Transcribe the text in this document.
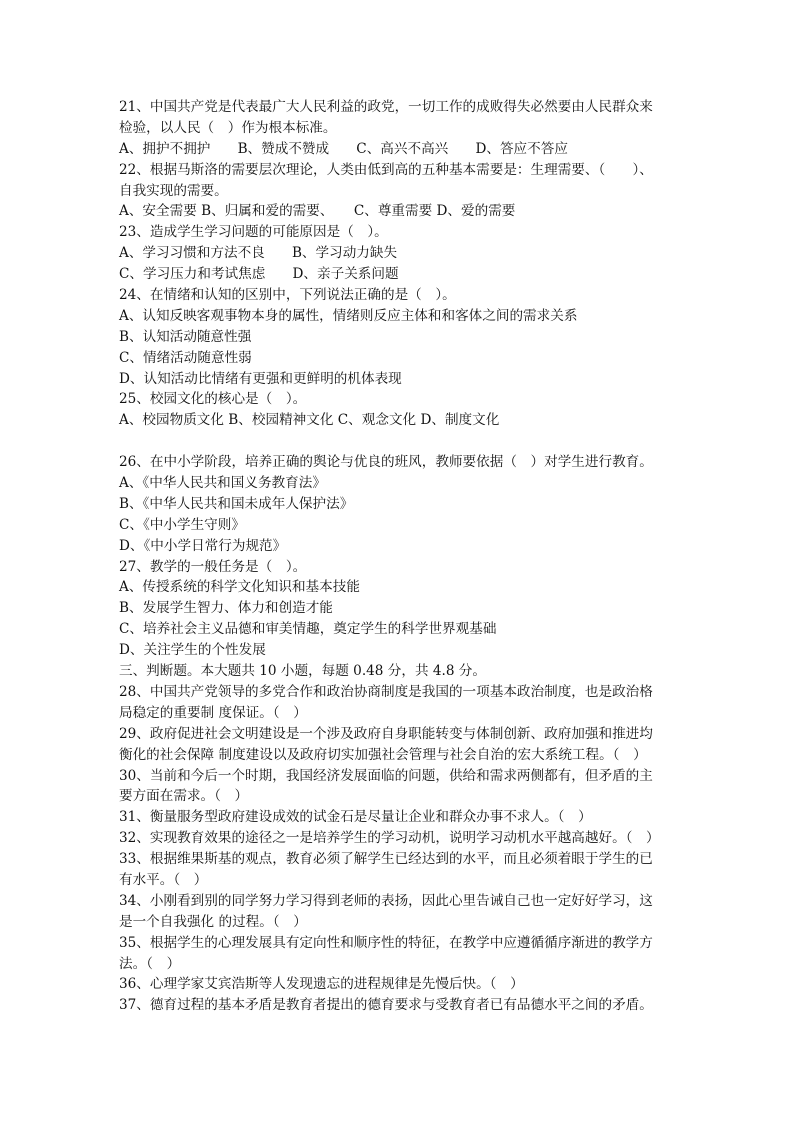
21、中国共产党是代表最广大人民利益的政党，一切工作的成败得失必然要由人民群众来
检验，以人民（　）作为根本标准。
A、拥护不拥护　　B、赞成不赞成　　C、高兴不高兴　　D、答应不答应
22、根据马斯洛的需要层次理论，人类由低到高的五种基本需要是：生理需要、（　　）、
自我实现的需要。
A、安全需要 B、归属和爱的需要、　　C、尊重需要 D、爱的需要
23、造成学生学习问题的可能原因是（　）。
A、学习习惯和方法不良　　B、学习动力缺失
C、学习压力和考试焦虑　　D、亲子关系问题
24、在情绪和认知的区别中，下列说法正确的是（　）。
A、认知反映客观事物本身的属性，情绪则反应主体和和客体之间的需求关系
B、认知活动随意性强
C、情绪活动随意性弱
D、认知活动比情绪有更强和更鲜明的机体表现
25、校园文化的核心是（　）。
A、校园物质文化 B、校园精神文化 C、观念文化 D、制度文化
26、在中小学阶段，培养正确的舆论与优良的班风，教师要依据（　）对学生进行教育。
A、《中华人民共和国义务教育法》
B、《中华人民共和国未成年人保护法》
C、《中小学生守则》
D、《中小学日常行为规范》
27、教学的一般任务是（　）。
A、传授系统的科学文化知识和基本技能
B、发展学生智力、体力和创造才能
C、培养社会主义品德和审美情趣，奠定学生的科学世界观基础
D、关注学生的个性发展
三、判断题。本大题共 10 小题，每题 0.48 分，共 4.8 分。
28、中国共产党领导的多党合作和政治协商制度是我国的一项基本政治制度，也是政治格
局稳定的重要制 度保证。（　）
29、政府促进社会文明建设是一个涉及政府自身职能转变与体制创新、政府加强和推进均
衡化的社会保障 制度建设以及政府切实加强社会管理与社会自治的宏大系统工程。（　）
30、当前和今后一个时期，我国经济发展面临的问题，供给和需求两侧都有，但矛盾的主
要方面在需求。（　）
31、衡量服务型政府建设成效的试金石是尽量让企业和群众办事不求人。（　）
32、实现教育效果的途径之一是培养学生的学习动机，说明学习动机水平越高越好。（　）
33、根据维果斯基的观点，教育必须了解学生已经达到的水平，而且必须着眼于学生的已
有水平。（　）
34、小刚看到别的同学努力学习得到老师的表扬，因此心里告诫自己也一定好好学习，这
是一个自我强化 的过程。（　）
35、根据学生的心理发展具有定向性和顺序性的特征，在教学中应遵循循序渐进的教学方
法。（　）
36、心理学家艾宾浩斯等人发现遗忘的进程规律是先慢后快。（　）
37、德育过程的基本矛盾是教育者提出的德育要求与受教育者已有品德水平之间的矛盾。
